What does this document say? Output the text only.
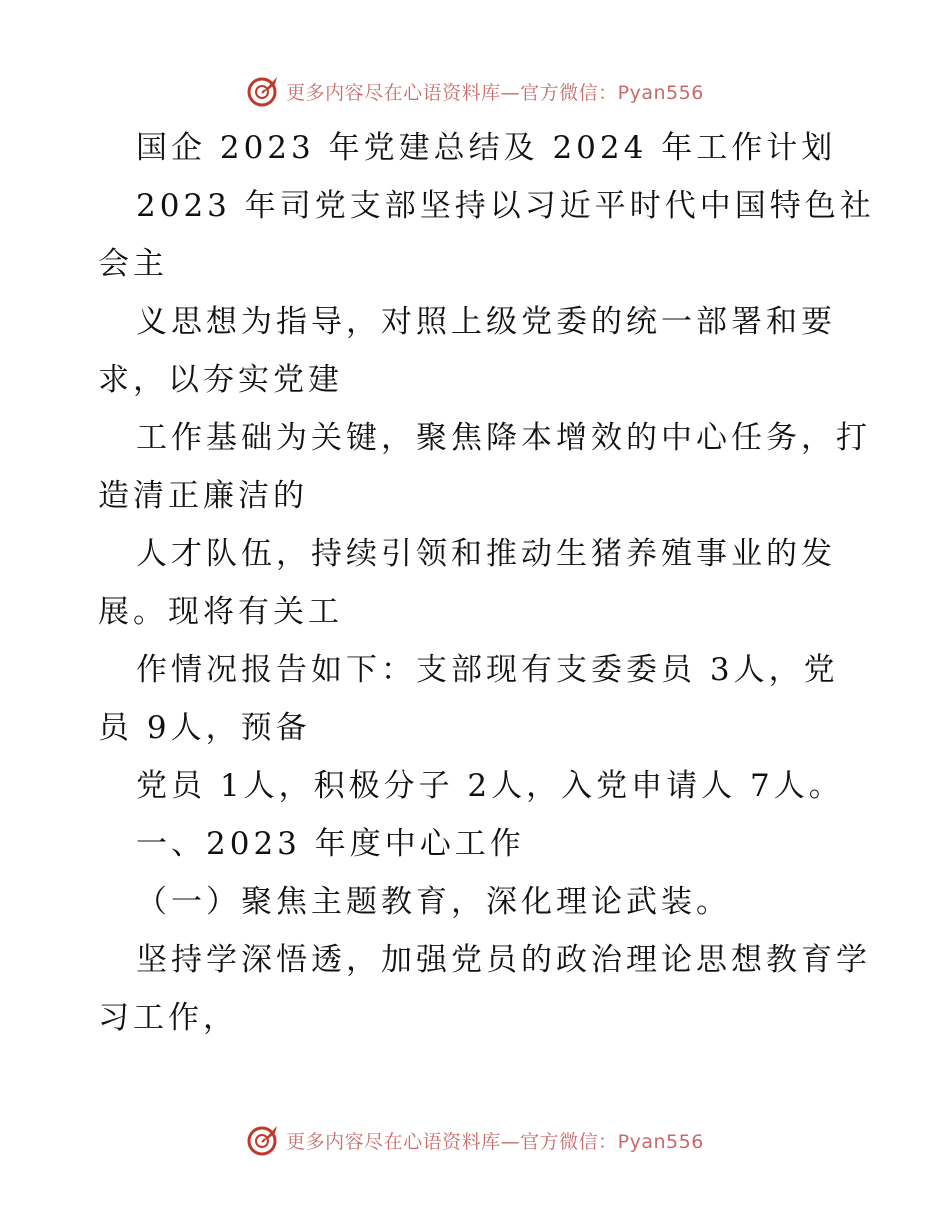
更多内容尽在心语资料库—官方微信：Pyan556
国企 2023 年党建总结及 2024 年工作计划
2023 年司党支部坚持以习近平时代中国特色社
会主
义思想为指导，对照上级党委的统一部署和要
求，以夯实党建
工作基础为关键，聚焦降本增效的中心任务，打
造清正廉洁的
人才队伍，持续引领和推动生猪养殖事业的发
展。现将有关工
作情况报告如下：支部现有支委委员 3人，党
员 9人，预备
党员 1人，积极分子 2人，入党申请人 7人。
一、2023 年度中心工作
（一）聚焦主题教育，深化理论武装。
坚持学深悟透，加强党员的政治理论思想教育学
习工作，
更多内容尽在心语资料库—官方微信：Pyan556
